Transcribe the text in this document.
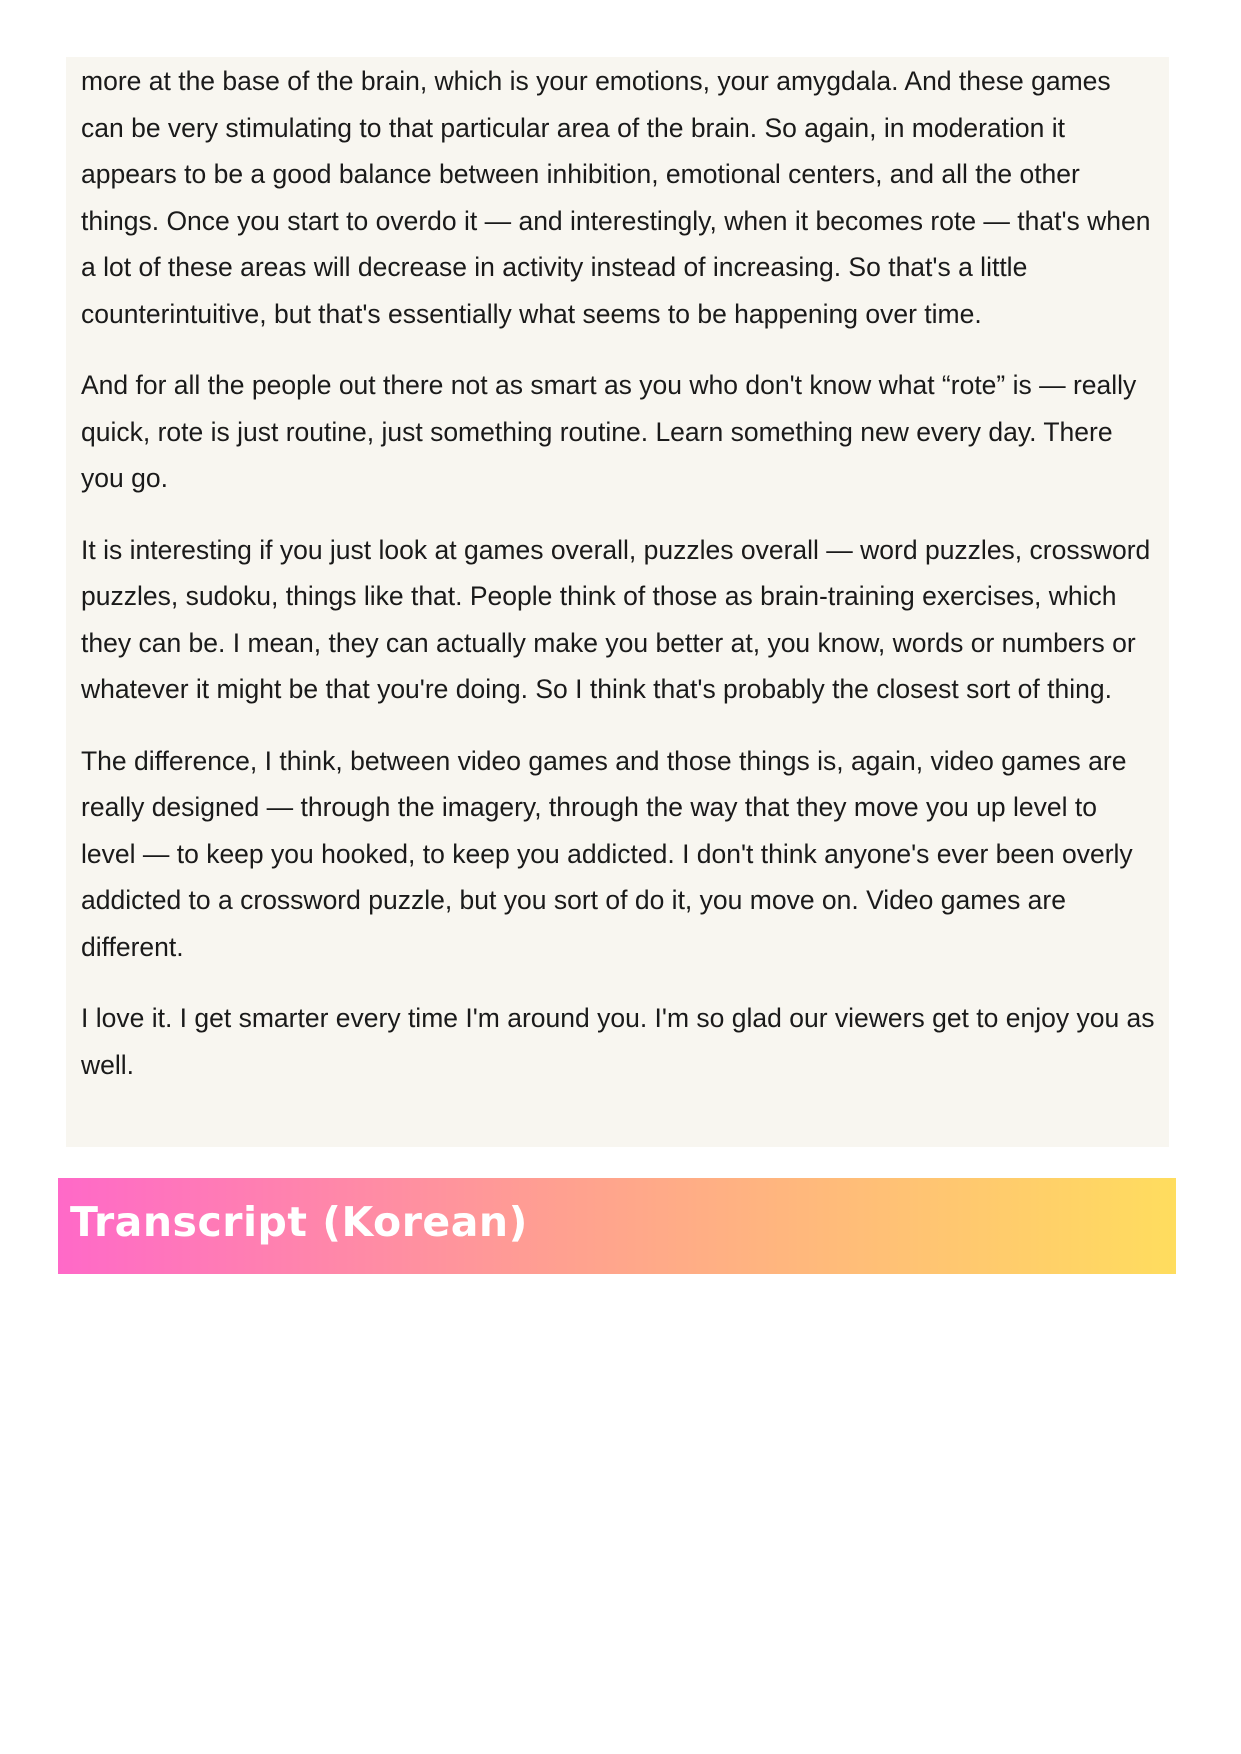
more at the base of the brain, which is your emotions, your amygdala. And these games can be very stimulating to that particular area of the brain. So again, in moderation it appears to be a good balance between inhibition, emotional centers, and all the other things. Once you start to overdo it — and interestingly, when it becomes rote — that's when a lot of these areas will decrease in activity instead of increasing. So that's a little counterintuitive, but that's essentially what seems to be happening over time.

And for all the people out there not as smart as you who don't know what “rote” is — really quick, rote is just routine, just something routine. Learn something new every day. There you go.

It is interesting if you just look at games overall, puzzles overall — word puzzles, crossword puzzles, sudoku, things like that. People think of those as brain-training exercises, which they can be. I mean, they can actually make you better at, you know, words or numbers or whatever it might be that you're doing. So I think that's probably the closest sort of thing.

The difference, I think, between video games and those things is, again, video games are really designed — through the imagery, through the way that they move you up level to level — to keep you hooked, to keep you addicted. I don't think anyone's ever been overly addicted to a crossword puzzle, but you sort of do it, you move on. Video games are different.

I love it. I get smarter every time I'm around you. I'm so glad our viewers get to enjoy you as well.

Transcript (Korean)
